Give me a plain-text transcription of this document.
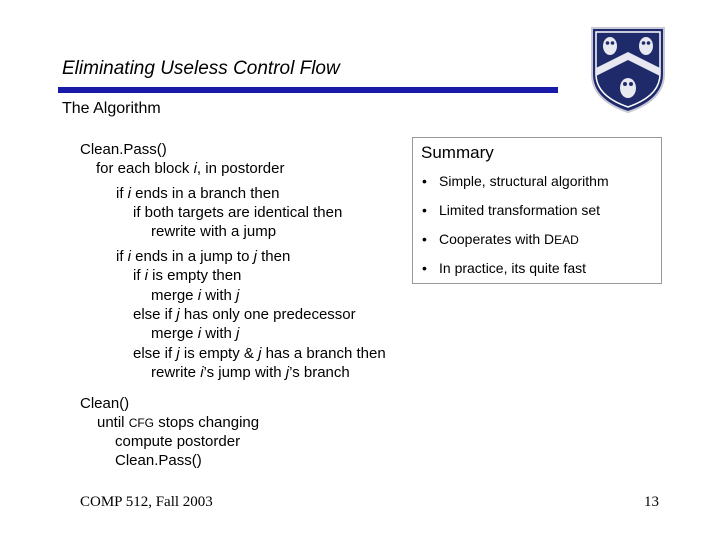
Eliminating Useless Control Flow
The Algorithm
Clean.Pass()
for each block i, in postorder
if i ends in a branch then
if both targets are identical then
rewrite with a jump
if i ends in a jump to j then
if i is empty then
merge i with j
else if j has only one predecessor
merge i with j
else if j is empty & j has a branch then
rewrite i’s jump with j’s branch
Clean()
until CFG stops changing
compute postorder
Clean.Pass()
Summary
• Simple, structural algorithm
• Limited transformation set
• Cooperates with DEAD
• In practice, its quite fast
COMP 512, Fall 2003	13
